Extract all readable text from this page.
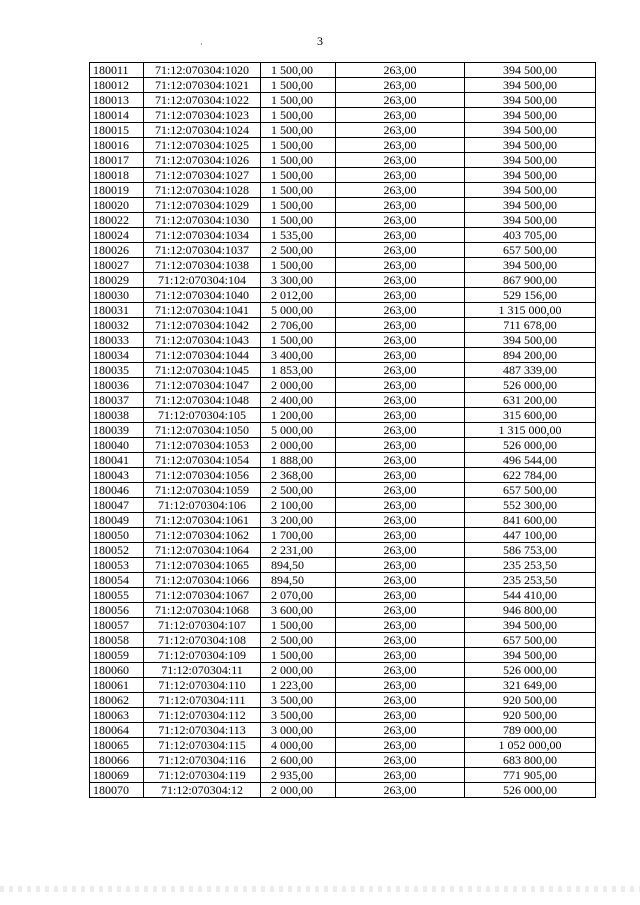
3
·
180011	71:12:070304:1020	1 500,00	263,00	394 500,00
180012	71:12:070304:1021	1 500,00	263,00	394 500,00
180013	71:12:070304:1022	1 500,00	263,00	394 500,00
180014	71:12:070304:1023	1 500,00	263,00	394 500,00
180015	71:12:070304:1024	1 500,00	263,00	394 500,00
180016	71:12:070304:1025	1 500,00	263,00	394 500,00
180017	71:12:070304:1026	1 500,00	263,00	394 500,00
180018	71:12:070304:1027	1 500,00	263,00	394 500,00
180019	71:12:070304:1028	1 500,00	263,00	394 500,00
180020	71:12:070304:1029	1 500,00	263,00	394 500,00
180022	71:12:070304:1030	1 500,00	263,00	394 500,00
180024	71:12:070304:1034	1 535,00	263,00	403 705,00
180026	71:12:070304:1037	2 500,00	263,00	657 500,00
180027	71:12:070304:1038	1 500,00	263,00	394 500,00
180029	71:12:070304:104	3 300,00	263,00	867 900,00
180030	71:12:070304:1040	2 012,00	263,00	529 156,00
180031	71:12:070304:1041	5 000,00	263,00	1 315 000,00
180032	71:12:070304:1042	2 706,00	263,00	711 678,00
180033	71:12:070304:1043	1 500,00	263,00	394 500,00
180034	71:12:070304:1044	3 400,00	263,00	894 200,00
180035	71:12:070304:1045	1 853,00	263,00	487 339,00
180036	71:12:070304:1047	2 000,00	263,00	526 000,00
180037	71:12:070304:1048	2 400,00	263,00	631 200,00
180038	71:12:070304:105	1 200,00	263,00	315 600,00
180039	71:12:070304:1050	5 000,00	263,00	1 315 000,00
180040	71:12:070304:1053	2 000,00	263,00	526 000,00
180041	71:12:070304:1054	1 888,00	263,00	496 544,00
180043	71:12:070304:1056	2 368,00	263,00	622 784,00
180046	71:12:070304:1059	2 500,00	263,00	657 500,00
180047	71:12:070304:106	2 100,00	263,00	552 300,00
180049	71:12:070304:1061	3 200,00	263,00	841 600,00
180050	71:12:070304:1062	1 700,00	263,00	447 100,00
180052	71:12:070304:1064	2 231,00	263,00	586 753,00
180053	71:12:070304:1065	894,50	263,00	235 253,50
180054	71:12:070304:1066	894,50	263,00	235 253,50
180055	71:12:070304:1067	2 070,00	263,00	544 410,00
180056	71:12:070304:1068	3 600,00	263,00	946 800,00
180057	71:12:070304:107	1 500,00	263,00	394 500,00
180058	71:12:070304:108	2 500,00	263,00	657 500,00
180059	71:12:070304:109	1 500,00	263,00	394 500,00
180060	71:12:070304:11	2 000,00	263,00	526 000,00
180061	71:12:070304:110	1 223,00	263,00	321 649,00
180062	71:12:070304:111	3 500,00	263,00	920 500,00
180063	71:12:070304:112	3 500,00	263,00	920 500,00
180064	71:12:070304:113	3 000,00	263,00	789 000,00
180065	71:12:070304:115	4 000,00	263,00	1 052 000,00
180066	71:12:070304:116	2 600,00	263,00	683 800,00
180069	71:12:070304:119	2 935,00	263,00	771 905,00
180070	71:12:070304:12	2 000,00	263,00	526 000,00
